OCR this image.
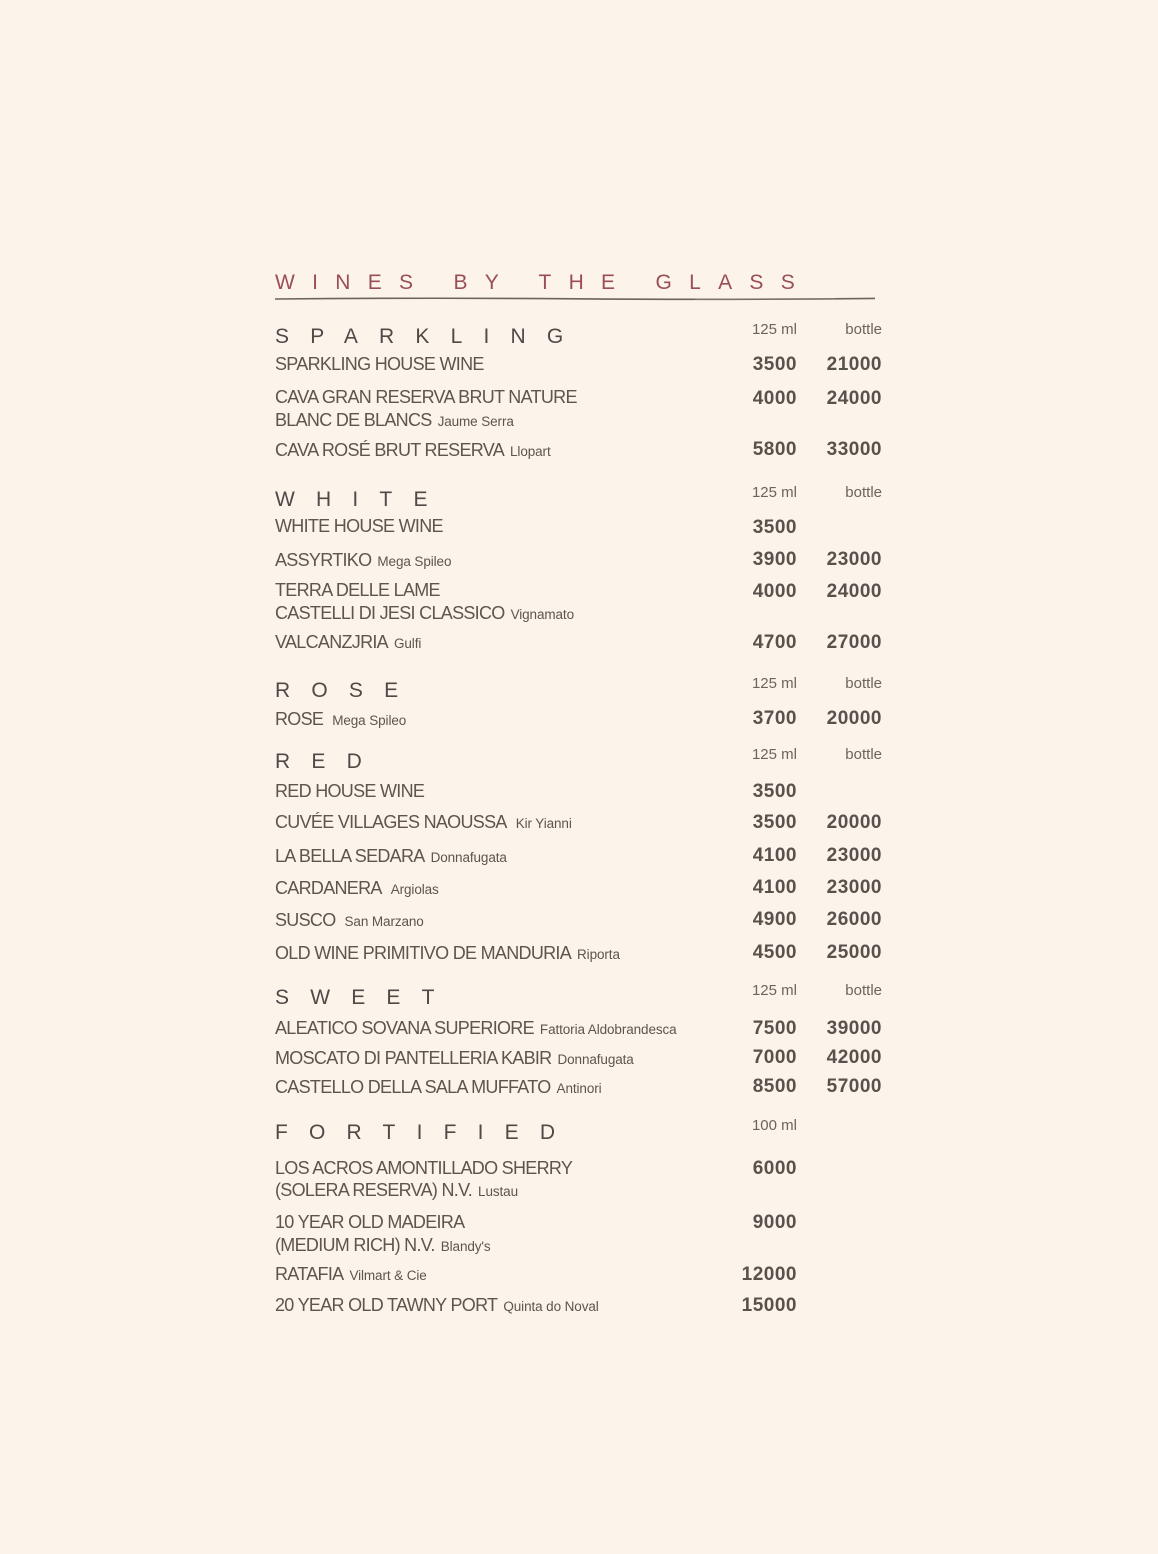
WINES BY THE GLASS
SPARKLING	125 ml	bottle
SPARKLING HOUSE WINE	3500 21000
CAVA GRAN RESERVA BRUT NATURE
BLANC DE BLANCS Jaume Serra
4000 24000
CAVA ROSÉ BRUT RESERVA Llopart	5800 33000
WHITE	125 ml	bottle
WHITE HOUSE WINE	3500
ASSYRTIKO Mega Spileo	3900 23000
TERRA DELLE LAME
CASTELLI DI JESI CLASSICO Vignamato
4000 24000
VALCANZJRIA Gulfi	4700 27000
ROSE	125 ml	bottle
ROSE Mega Spileo	3700 20000
RED	125 ml	bottle
RED HOUSE WINE	3500
CUVÉE VILLAGES NAOUSSA Kir Yianni	3500 20000
LA BELLA SEDARA Donnafugata	4100 23000
CARDANERA Argiolas	4100 23000
SUSCO San Marzano	4900 26000
OLD WINE PRIMITIVO DE MANDURIA Riporta	4500 25000
SWEET	125 ml	bottle
ALEATICO SOVANA SUPERIORE Fattoria Aldobrandesca	7500 39000
MOSCATO DI PANTELLERIA KABIR Donnafugata	7000 42000
CASTELLO DELLA SALA MUFFATO Antinori	8500 57000
FORTIFIED	100 ml
LOS ACROS AMONTILLADO SHERRY
(SOLERA RESERVA) N.V. Lustau
6000
10 YEAR OLD MADEIRA
(MEDIUM RICH) N.V. Blandy's
9000
RATAFIA Vilmart & Cie	12000
20 YEAR OLD TAWNY PORT Quinta do Noval	15000
